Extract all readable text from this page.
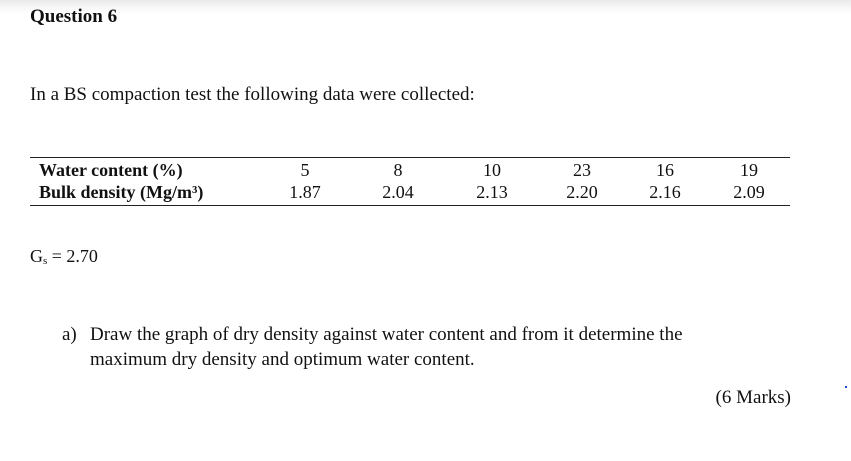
Question 6
In a BS compaction test the following data were collected:
Water content (%)	5	8	10	23	16	19
Bulk density (Mg/m³)	1.87	2.04	2.13	2.20	2.16	2.09
$G_s = 2.70$
a) Draw the graph of dry density against water content and from it determine the maximum dry density and optimum water content.
(6 Marks)
